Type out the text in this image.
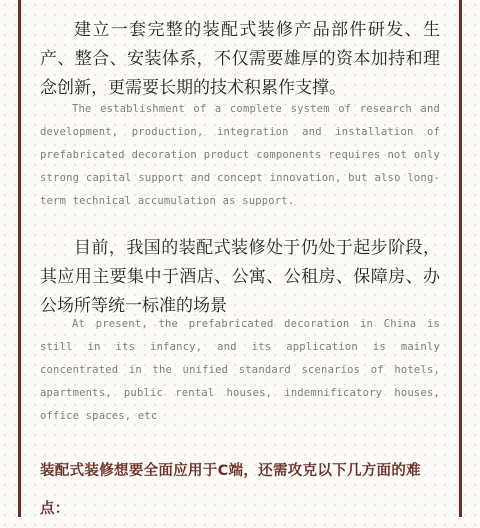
建立一套完整的装配式装修产品部件研发、生产、整合、安装体系，不仅需要雄厚的资本加持和理念创新，更需要长期的技术积累作支撑。

The establishment of a complete system of research and development, production, integration and installation of prefabricated decoration product components requires not only strong capital support and concept innovation, but also long-term technical accumulation as support.

目前，我国的装配式装修处于仍处于起步阶段，其应用主要集中于酒店、公寓、公租房、保障房、办公场所等统一标准的场景

At present, the prefabricated decoration in China is still in its infancy, and its application is mainly concentrated in the unified standard scenarios of hotels, apartments, public rental houses, indemnificatory houses, office spaces, etc

装配式装修想要全面应用于C端，还需攻克以下几方面的难点：
